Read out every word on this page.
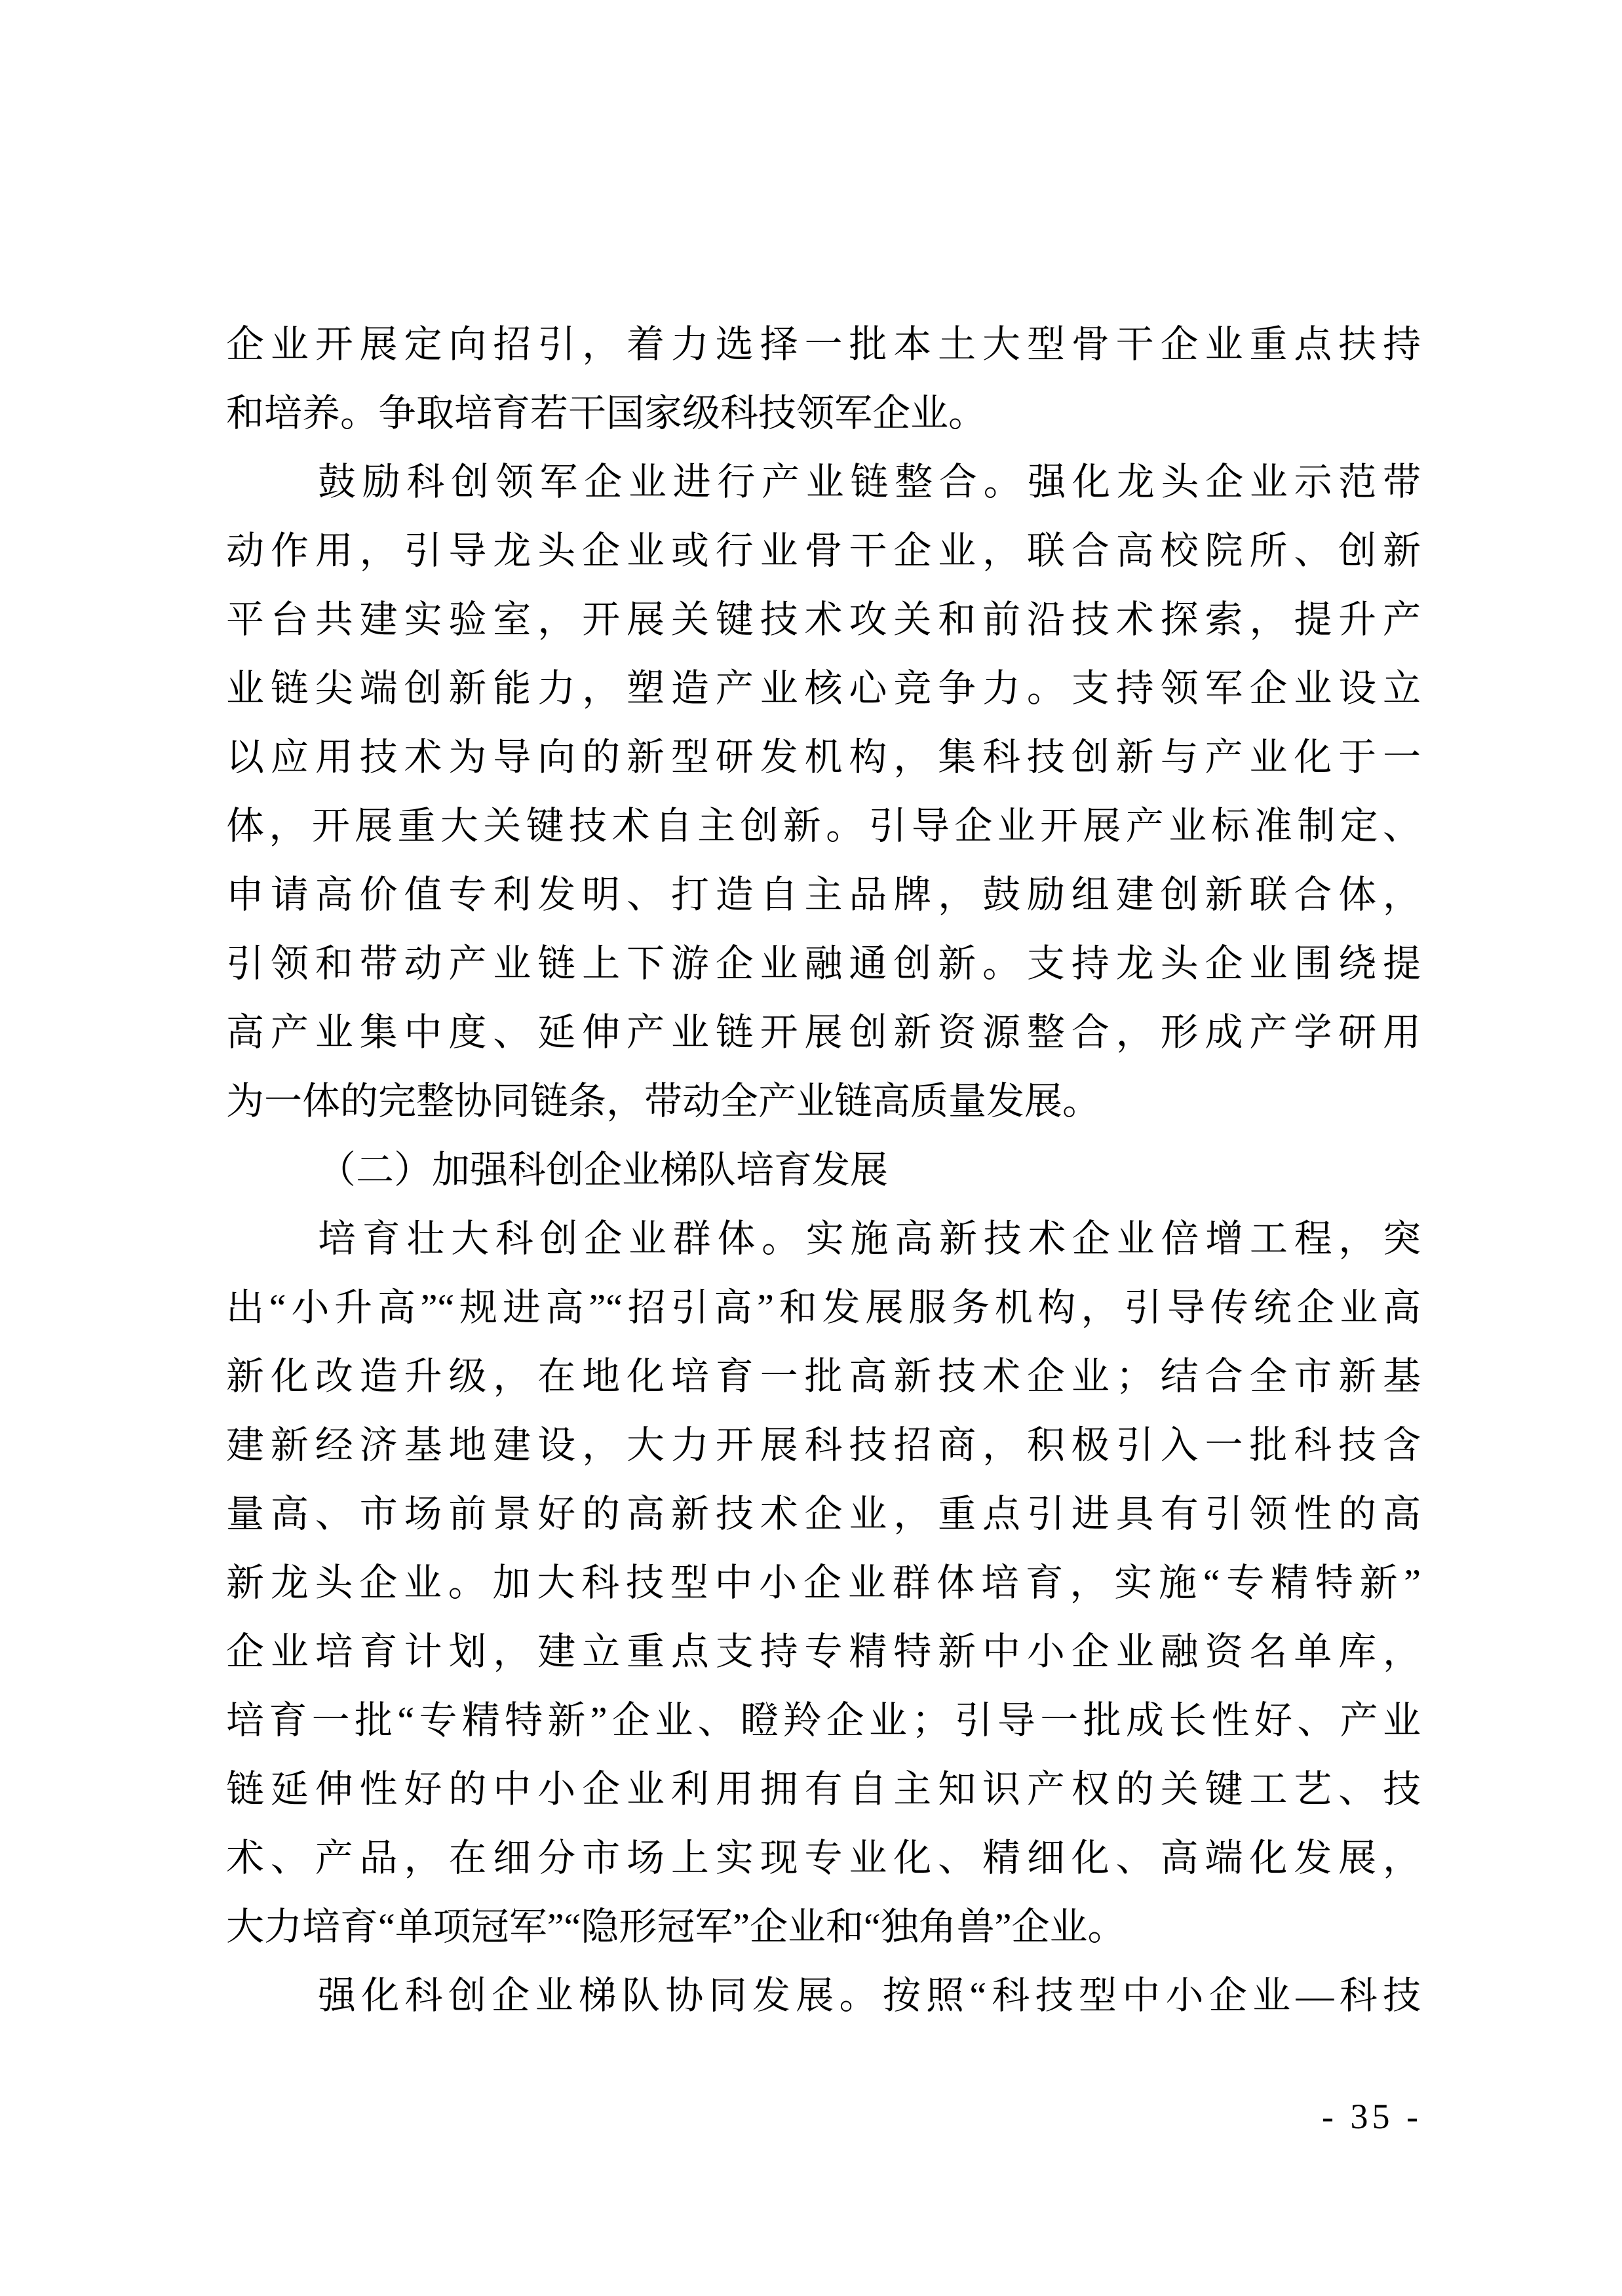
企业开展定向招引，着力选择一批本土大型骨干企业重点扶持
和培养。争取培育若干国家级科技领军企业。
鼓励科创领军企业进行产业链整合。强化龙头企业示范带
动作用，引导龙头企业或行业骨干企业，联合高校院所、创新
平台共建实验室，开展关键技术攻关和前沿技术探索，提升产
业链尖端创新能力，塑造产业核心竞争力。支持领军企业设立
以应用技术为导向的新型研发机构，集科技创新与产业化于一
体，开展重大关键技术自主创新。引导企业开展产业标准制定、
申请高价值专利发明、打造自主品牌，鼓励组建创新联合体，
引领和带动产业链上下游企业融通创新。支持龙头企业围绕提
高产业集中度、延伸产业链开展创新资源整合，形成产学研用
为一体的完整协同链条，带动全产业链高质量发展。
（二）加强科创企业梯队培育发展
培育壮大科创企业群体。实施高新技术企业倍增工程，突
出“小升高”“规进高”“招引高”和发展服务机构，引导传统企业高
新化改造升级，在地化培育一批高新技术企业；结合全市新基
建新经济基地建设，大力开展科技招商，积极引入一批科技含
量高、市场前景好的高新技术企业，重点引进具有引领性的高
新龙头企业。加大科技型中小企业群体培育，实施“专精特新”
企业培育计划，建立重点支持专精特新中小企业融资名单库，
培育一批“专精特新”企业、瞪羚企业；引导一批成长性好、产业
链延伸性好的中小企业利用拥有自主知识产权的关键工艺、技
术、产品，在细分市场上实现专业化、精细化、高端化发展，
大力培育“单项冠军”“隐形冠军”企业和“独角兽”企业。
强化科创企业梯队协同发展。按照“科技型中小企业—科技
- 35 -
